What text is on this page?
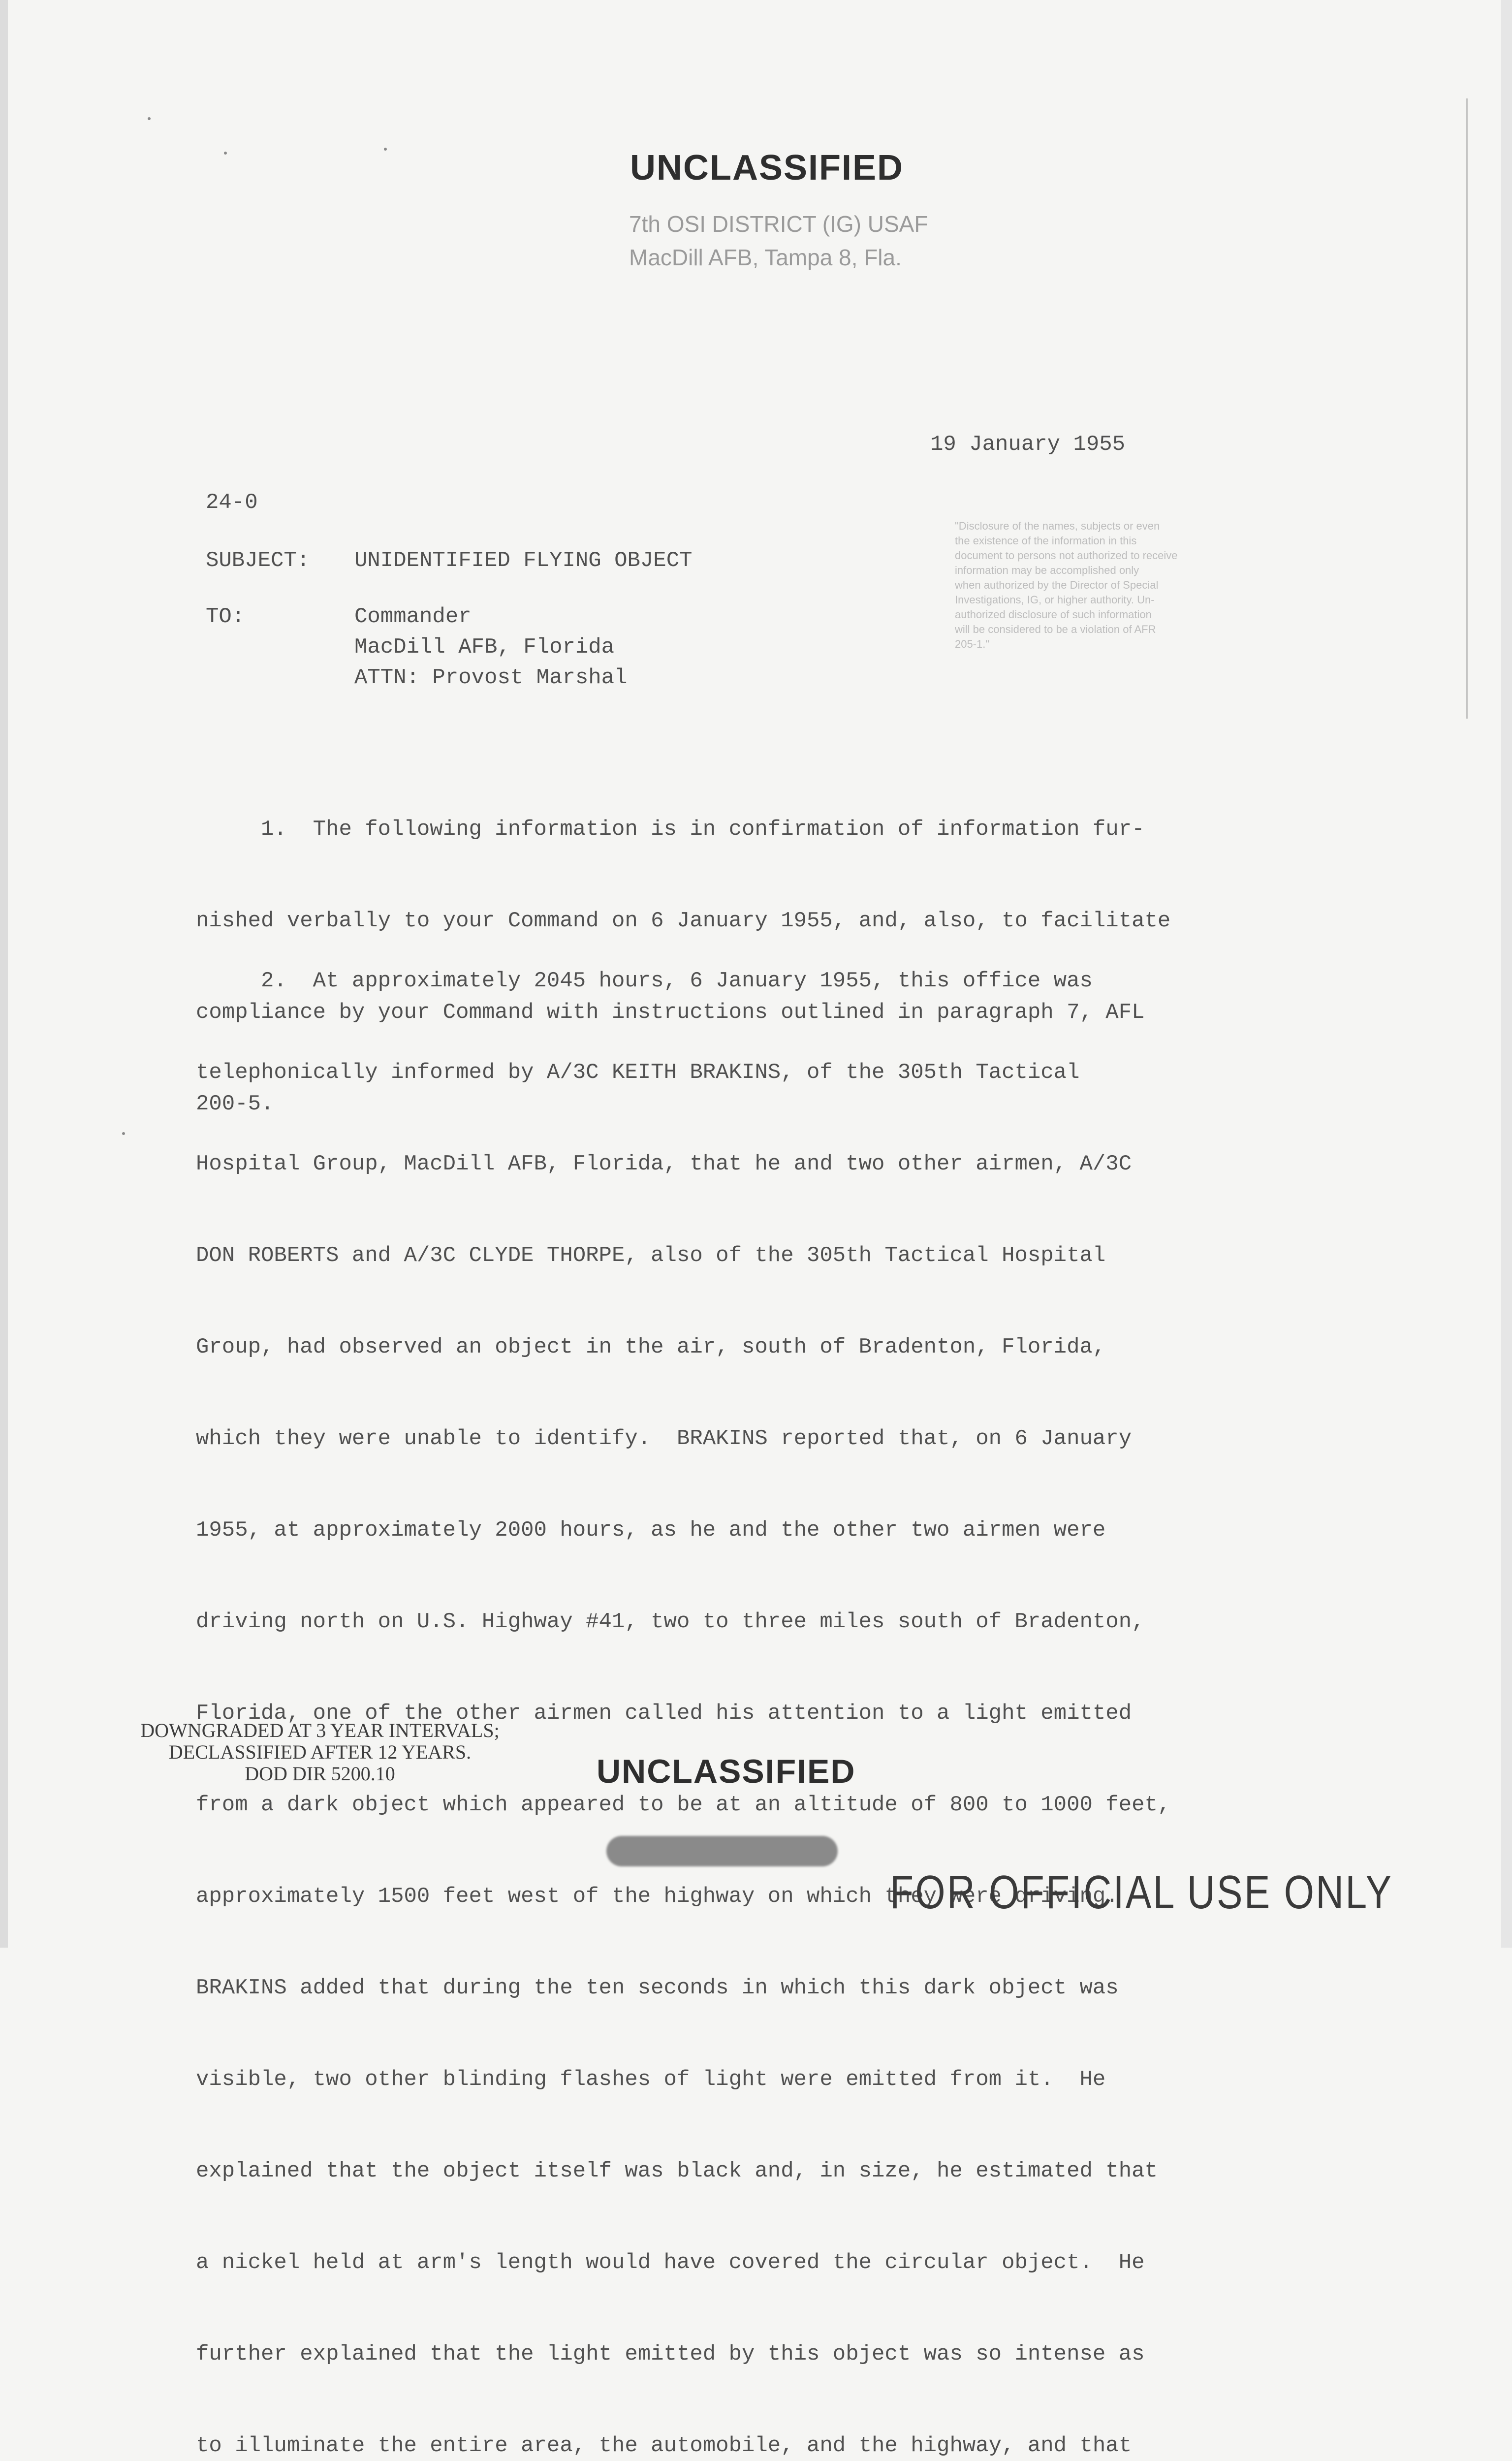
UNCLASSIFIED
7th OSI DISTRICT (IG) USAF
MacDill AFB, Tampa 8, Fla.
19 January 1955
24-0
SUBJECT: UNIDENTIFIED FLYING OBJECT
TO:	Commander
MacDill AFB, Florida
ATTN: Provost Marshal

"Disclosure of the names, subjects or even

the existence of the information in this

document to persons not authorized to receive

information may be accomplished only

when authorized by the Director of Special

Investigations, IG, or higher authority. Un-

authorized disclosure of such information

will be considered to be a violation of AFR

205-1."

1.  The following information is in confirmation of information fur-

nished verbally to your Command on 6 January 1955, and, also, to facilitate

compliance by your Command with instructions outlined in paragraph 7, AFL

200-5.

2.  At approximately 2045 hours, 6 January 1955, this office was

telephonically informed by A/3C KEITH BRAKINS, of the 305th Tactical

Hospital Group, MacDill AFB, Florida, that he and two other airmen, A/3C

DON ROBERTS and A/3C CLYDE THORPE, also of the 305th Tactical Hospital

Group, had observed an object in the air, south of Bradenton, Florida,

which they were unable to identify.  BRAKINS reported that, on 6 January

1955, at approximately 2000 hours, as he and the other two airmen were

driving north on U.S. Highway #41, two to three miles south of Bradenton,

Florida, one of the other airmen called his attention to a light emitted

from a dark object which appeared to be at an altitude of 800 to 1000 feet,

approximately 1500 feet west of the highway on which they were driving.

BRAKINS added that during the ten seconds in which this dark object was

visible, two other blinding flashes of light were emitted from it.  He

explained that the object itself was black and, in size, he estimated that

a nickel held at arm's length would have covered the circular object.  He

further explained that the light emitted by this object was so intense as

to illuminate the entire area, the automobile, and the highway, and that

DOWNGRADED AT 3 YEAR INTERVALS;
DECLASSIFIED AFTER 12 YEARS.
DOD DIR 5200.10	UNCLASSIFIED
FOR OFFICIAL USE ONLY
